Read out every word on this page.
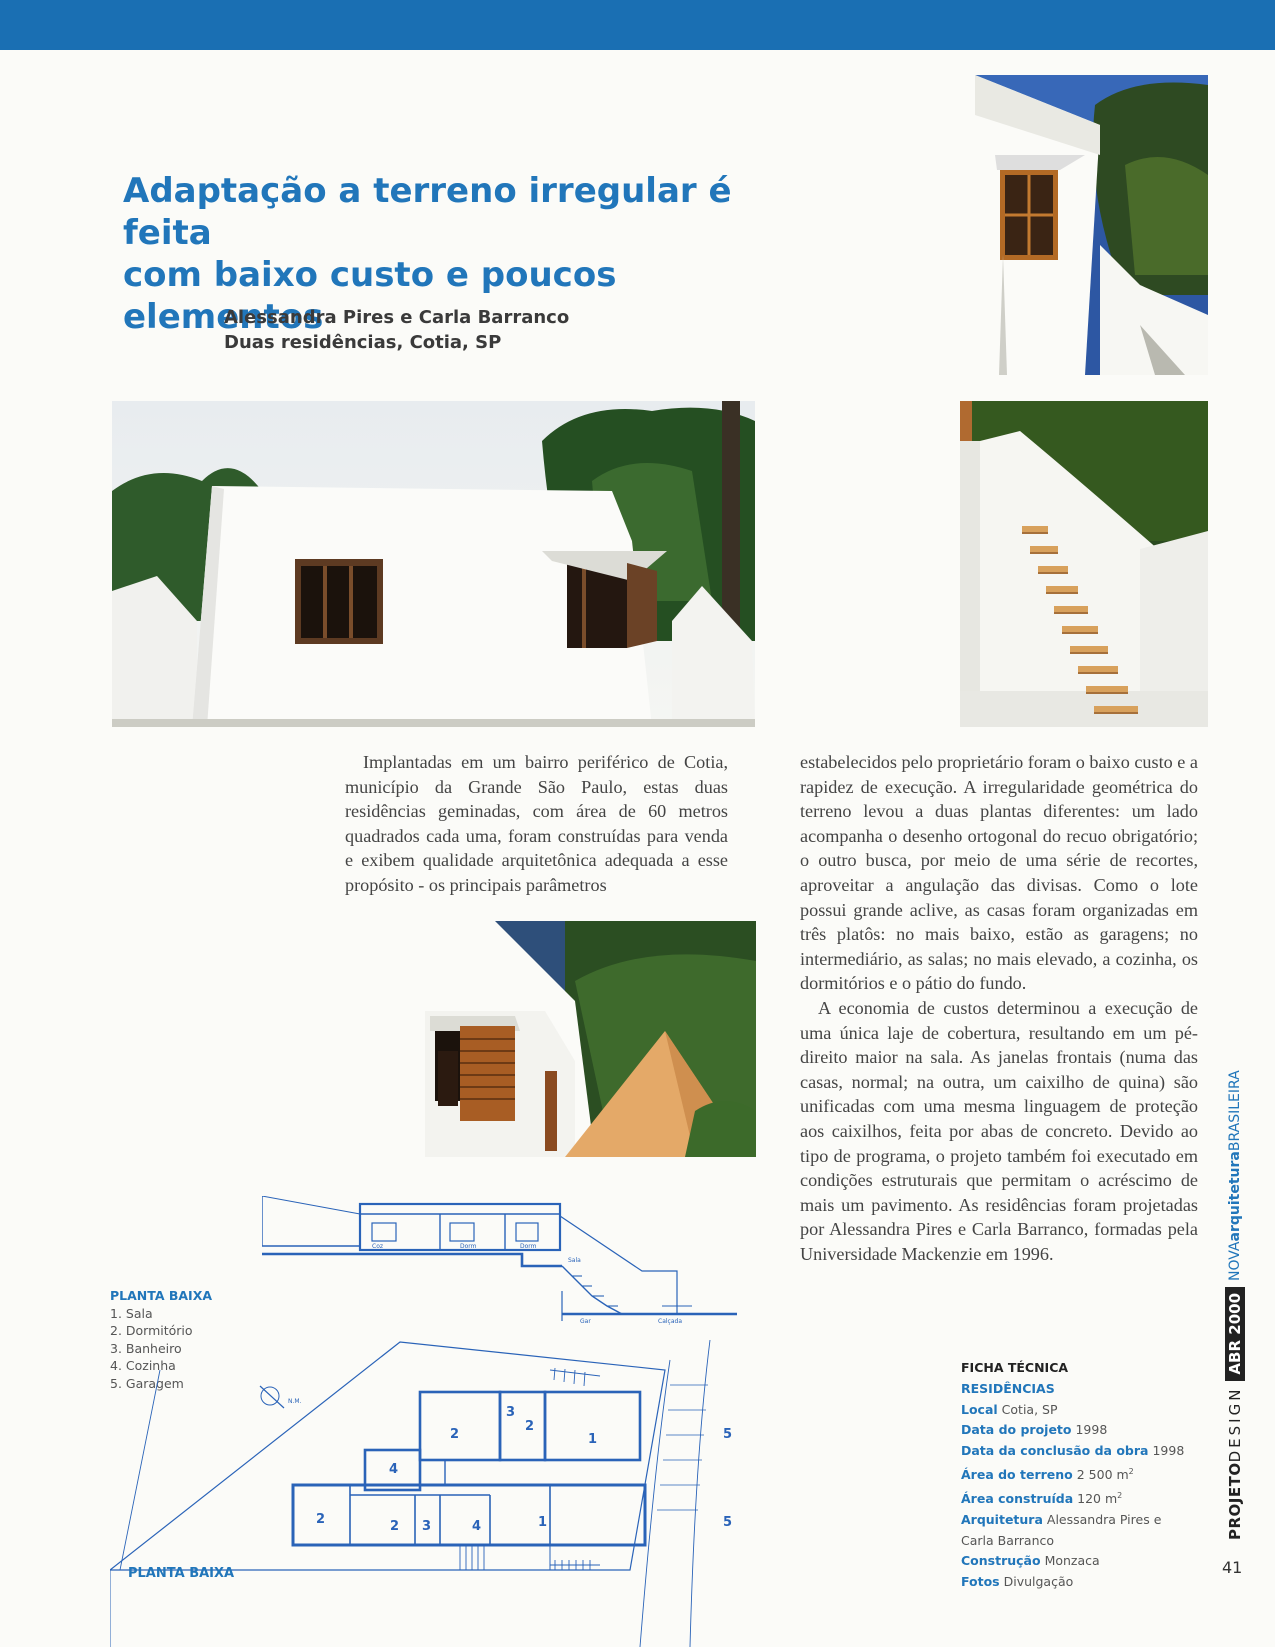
Adaptação a terreno irregular é feita
com baixo custo e poucos elementos
Alessandra Pires e Carla Barranco
Duas residências, Cotia, SP

Implantadas em um bairro periférico de Cotia, município da Grande São Paulo, estas duas residências geminadas, com área de 60 metros quadrados cada uma, foram construídas para venda e exibem qualidade arquitetônica adequada a esse propósito - os principais parâmetros

estabelecidos pelo proprietário foram o baixo custo e a rapidez de execução. A irregularidade geométrica do terreno levou a duas plantas diferentes: um lado acompanha o desenho ortogonal do recuo obrigatório; o outro busca, por meio de uma série de recortes, aproveitar a angulação das divisas. Como o lote possui grande aclive, as casas foram organizadas em três platôs: no mais baixo, estão as garagens; no intermediário, as salas; no mais elevado, a cozinha, os dormitórios e o pátio do fundo.

A economia de custos determinou a execução de uma única laje de cobertura, resultando em um pé-direito maior na sala. As janelas frontais (numa das casas, normal; na outra, um caixilho de quina) são unificadas com uma mesma linguagem de proteção aos caixilhos, feita por abas de concreto. Devido ao tipo de programa, o projeto também foi executado em condições estruturais que permitam o acréscimo de mais um pavimento. As residências foram projetadas por Alessandra Pires e Carla Barranco, formadas pela Universidade Mackenzie em 1996.

Coz	Dorm	Dorm
Sala
Gar	Calçada
PLANTA BAIXA
1. Sala
2. Dormitório
3. Banheiro
4. Cozinha
5. Garagem
N.M.
2
3
2
1
4
5
2	2 3	4	1	5
PLANTA BAIXA
FICHA TÉCNICA
RESIDÊNCIAS
Local Cotia, SP
Data do projeto 1998
Data da conclusão da obra 1998
Área do terreno 2 500 $m^2$
Área construída 120 $m^2$
Arquitetura Alessandra Pires e
Carla Barranco
Construção Monzaca
Fotos Divulgação
PROJETO
DESIGN
ABR 2000
NOVA
arquitetura
BRASILEIRA
41
